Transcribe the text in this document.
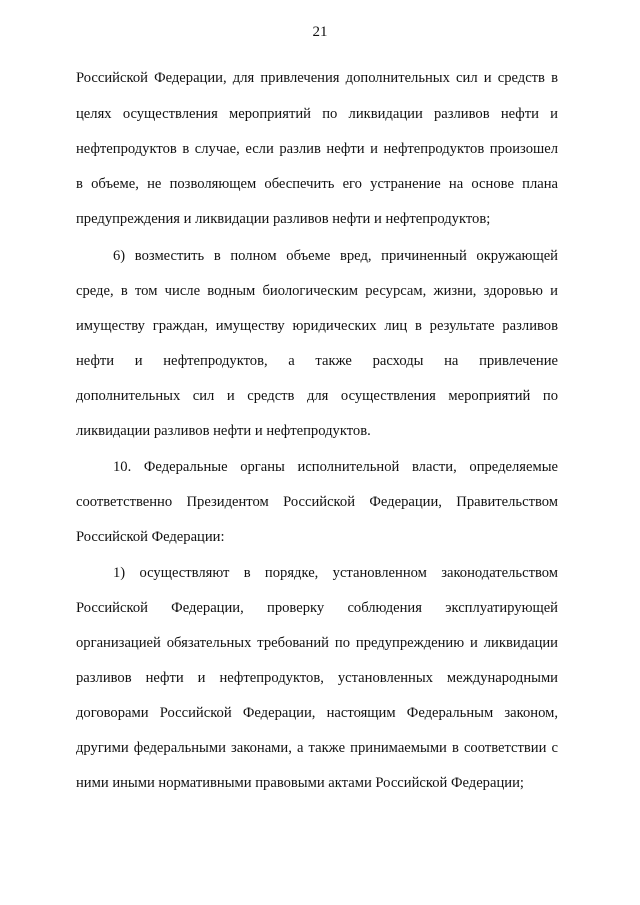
21
Российской Федерации, для привлечения дополнительных сил и средств в
целях осуществления мероприятий по ликвидации разливов нефти и
нефтепродуктов в случае, если разлив нефти и нефтепродуктов произошел
в объеме, не позволяющем обеспечить его устранение на основе плана
предупреждения и ликвидации разливов нефти и нефтепродуктов;
6) возместить в полном объеме вред, причиненный окружающей
среде, в том числе водным биологическим ресурсам, жизни, здоровью и
имуществу граждан, имуществу юридических лиц в результате разливов
нефти и нефтепродуктов, а также расходы на привлечение
дополнительных сил и средств для осуществления мероприятий по
ликвидации разливов нефти и нефтепродуктов.
10. Федеральные органы исполнительной власти, определяемые
соответственно Президентом Российской Федерации, Правительством
Российской Федерации:
1) осуществляют в порядке, установленном законодательством
Российской Федерации, проверку соблюдения эксплуатирующей
организацией обязательных требований по предупреждению и ликвидации
разливов нефти и нефтепродуктов, установленных международными
договорами Российской Федерации, настоящим Федеральным законом,
другими федеральными законами, а также принимаемыми в соответствии с
ними иными нормативными правовыми актами Российской Федерации;
